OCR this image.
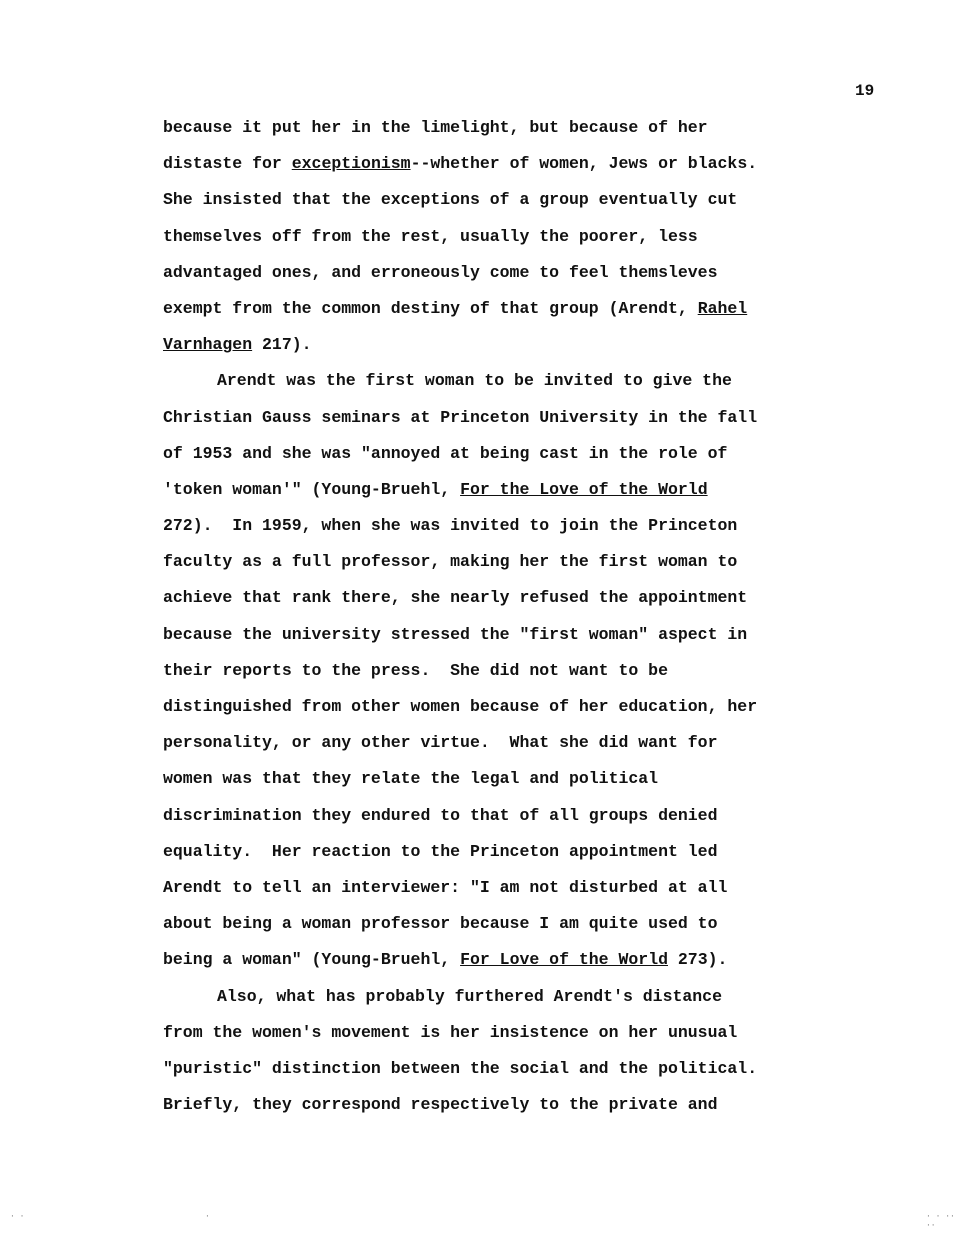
19
because it put her in the limelight, but because of her
distaste for exceptionism--whether of women, Jews or blacks.
She insisted that the exceptions of a group eventually cut
themselves off from the rest, usually the poorer, less
advantaged ones, and erroneously come to feel themsleves
exempt from the common destiny of that group (Arendt, Rahel
Varnhagen 217).
Arendt was the first woman to be invited to give the
Christian Gauss seminars at Princeton University in the fall
of 1953 and she was "annoyed at being cast in the role of
'token woman'" (Young-Bruehl, For the Love of the World
272).  In 1959, when she was invited to join the Princeton
faculty as a full professor, making her the first woman to
achieve that rank there, she nearly refused the appointment
because the university stressed the "first woman" aspect in
their reports to the press.  She did not want to be
distinguished from other women because of her education, her
personality, or any other virtue.  What she did want for
women was that they relate the legal and political
discrimination they endured to that of all groups denied
equality.  Her reaction to the Princeton appointment led
Arendt to tell an interviewer: "I am not disturbed at all
about being a woman professor because I am quite used to
being a woman" (Young-Bruehl, For Love of the World 273).
Also, what has probably furthered Arendt's distance
from the women's movement is her insistence on her unusual
"puristic" distinction between the social and the political.
Briefly, they correspond respectively to the private and
· ·	·	· · ·· ··
